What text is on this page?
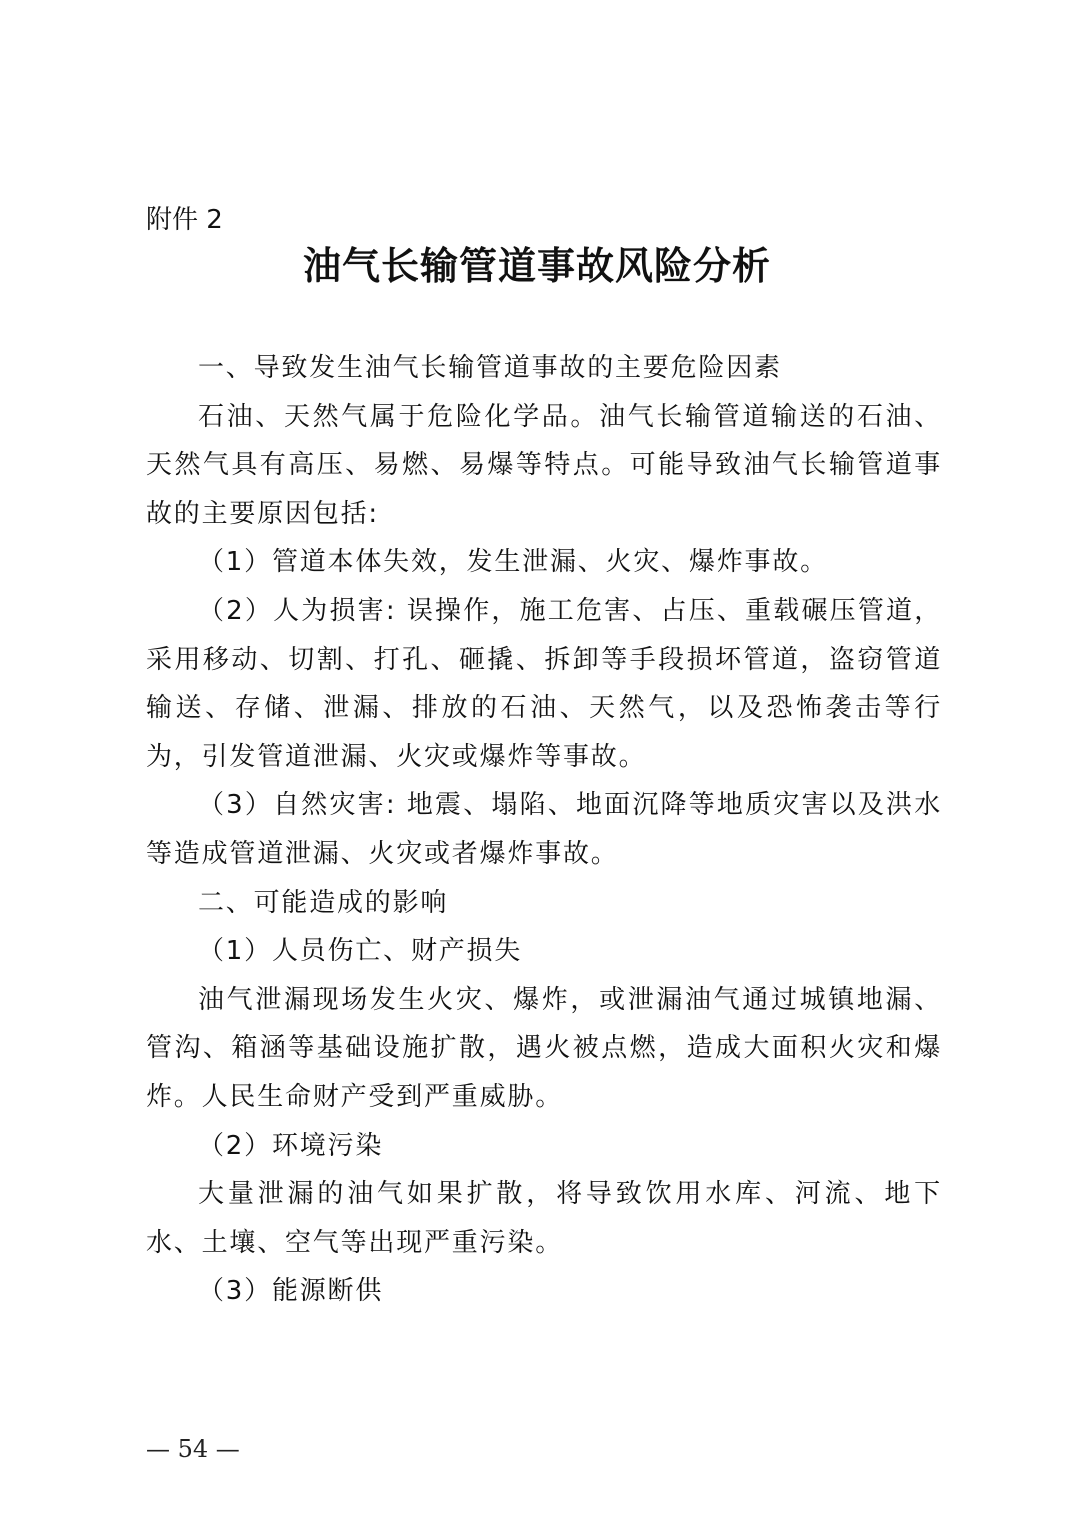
附件 2
油气长输管道事故风险分析

一、导致发生油气长输管道事故的主要危险因素

石油、天然气属于危险化学品。油气长输管道输送的石油、天然气具有高压、易燃、易爆等特点。可能导致油气长输管道事故的主要原因包括:

（1）管道本体失效，发生泄漏、火灾、爆炸事故。

（2）人为损害: 误操作，施工危害、占压、重载碾压管道，采用移动、切割、打孔、砸撬、拆卸等手段损坏管道，盗窃管道输送、存储、泄漏、排放的石油、天然气，以及恐怖袭击等行为，引发管道泄漏、火灾或爆炸等事故。

（3）自然灾害: 地震、塌陷、地面沉降等地质灾害以及洪水等造成管道泄漏、火灾或者爆炸事故。

二、可能造成的影响

（1）人员伤亡、财产损失

油气泄漏现场发生火灾、爆炸，或泄漏油气通过城镇地漏、管沟、箱涵等基础设施扩散，遇火被点燃，造成大面积火灾和爆炸。人民生命财产受到严重威胁。

（2）环境污染

大量泄漏的油气如果扩散，将导致饮用水库、河流、地下水、土壤、空气等出现严重污染。

（3）能源断供

— 54 —
